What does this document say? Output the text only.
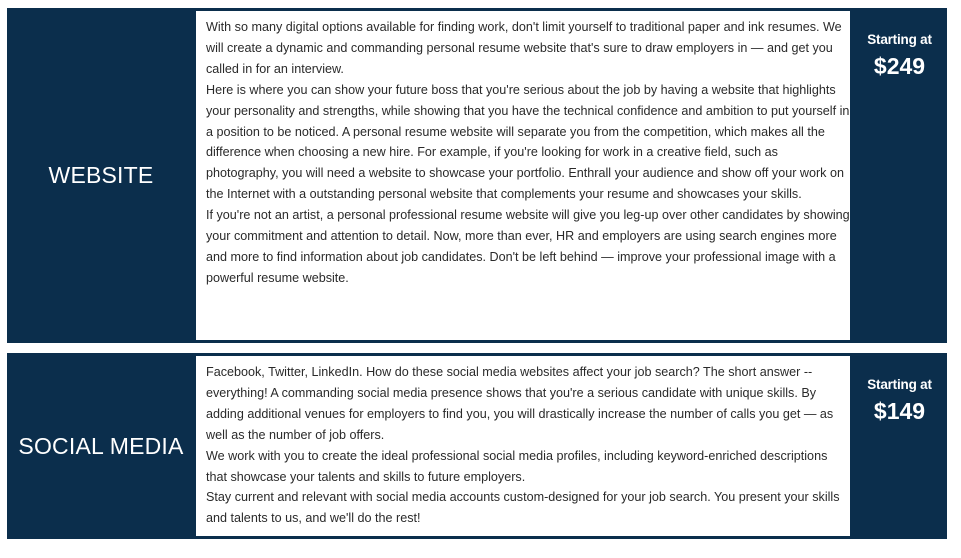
WEBSITE

With so many digital options available for finding work, don't limit yourself to traditional paper and ink resumes. We will create a dynamic and commanding personal resume website that's sure to draw employers in — and get you called in for an interview.

Here is where you can show your future boss that you're serious about the job by having a website that highlights your personality and strengths, while showing that you have the technical confidence and ambition to put yourself in a position to be noticed. A personal resume website will separate you from the competition, which makes all the difference when choosing a new hire. For example, if you're looking for work in a creative field, such as photography, you will need a website to showcase your portfolio. Enthrall your audience and show off your work on the Internet with a outstanding personal website that complements your resume and showcases your skills.

If you're not an artist, a personal professional resume website will give you leg-up over other candidates by showing your commitment and attention to detail. Now, more than ever, HR and employers are using search engines more and more to find information about job candidates. Don't be left behind — improve your professional image with a powerful resume website.

Starting at
$249
SOCIAL MEDIA

Facebook, Twitter, LinkedIn. How do these social media websites affect your job search? The short answer -- everything! A commanding social media presence shows that you're a serious candidate with unique skills. By adding additional venues for employers to find you, you will drastically increase the number of calls you get — as well as the number of job offers.

We work with you to create the ideal professional social media profiles, including keyword-enriched descriptions that showcase your talents and skills to future employers.

Stay current and relevant with social media accounts custom-designed for your job search. You present your skills and talents to us, and we'll do the rest!

Starting at
$149
